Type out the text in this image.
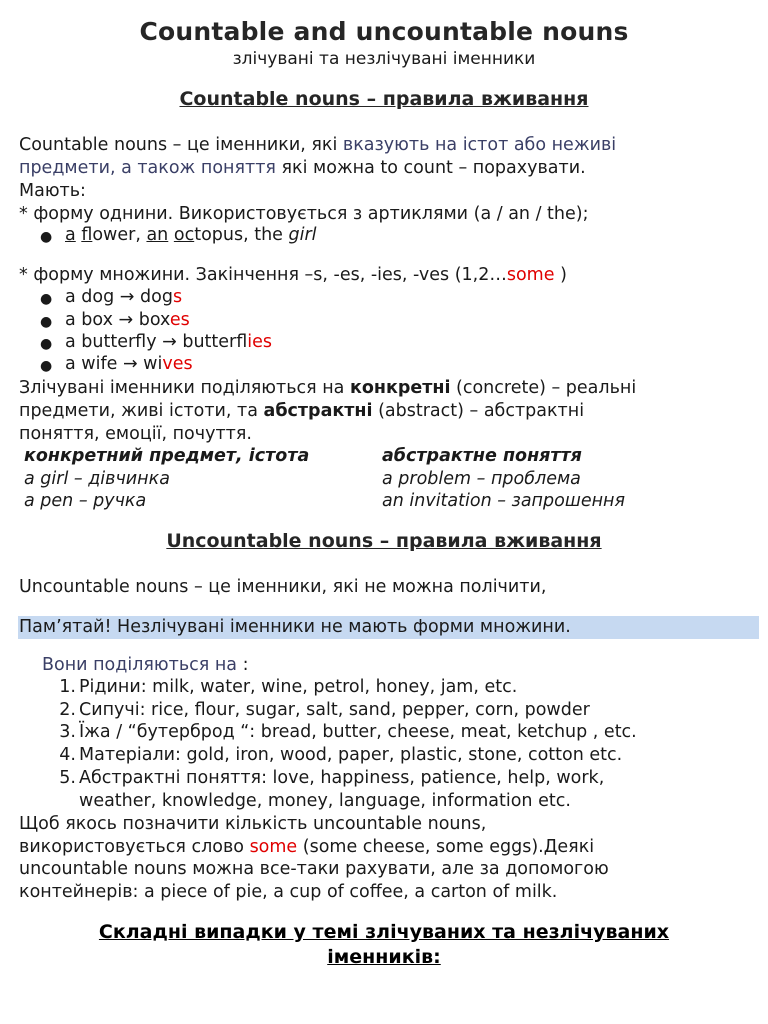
Countable and uncountable nouns
злічувані та незлічувані іменники
Countable nouns – правила вживання
Countable nouns – це іменники, які вказують на істот або неживі
предмети, а також поняття які можна to count – порахувати.
Мають:
* форму однини. Використовується з артиклями (a / an / the);
● a flower, an octopus, the girl
* форму множини. Закінчення –s, -es, -ies, -ves (1,2…some )
● a dog → dogs
● a box → boxes
● a butterfly → butterflies
● a wife → wives
Злічувані іменники поділяються на конкретні (concrete) – реальні
предмети, живі істоти, та абстрактні (abstract) – абстрактні
поняття, емоції, почуття.
конкретний предмет, істота	абстрактне поняття
a girl – дівчинка	a problem – проблема
a pen – ручка	an invitation – запрошення
Uncountable nouns – правила вживання
Uncountable nouns – це іменники, які не можна полічити,
Пам’ятай! Незлічувані іменники не мають форми множини.
Вони поділяються на :
1. Рідини: milk, water, wine, petrol, honey, jam, etc.
2. Сипучі: rice, flour, sugar, salt, sand, pepper, corn, powder
3. Їжа / “бутерброд “: bread, butter, cheese, meat, ketchup , etc.
4. Матеріали: gold, iron, wood, paper, plastic, stone, cotton etc.
5. Абстрактні поняття: love, happiness, patience, help, work,
weather, knowledge, money, language, information etc.
Щоб якось позначити кількість uncountable nouns,
використовується слово some (some cheese, some eggs).Деякі
uncountable nouns можна все-таки рахувати, але за допомогою
контейнерів: a piece of pie, a cup of coffee, a carton of milk.
Складні випадки у темі злічуваних та незлічуваних
іменників:
